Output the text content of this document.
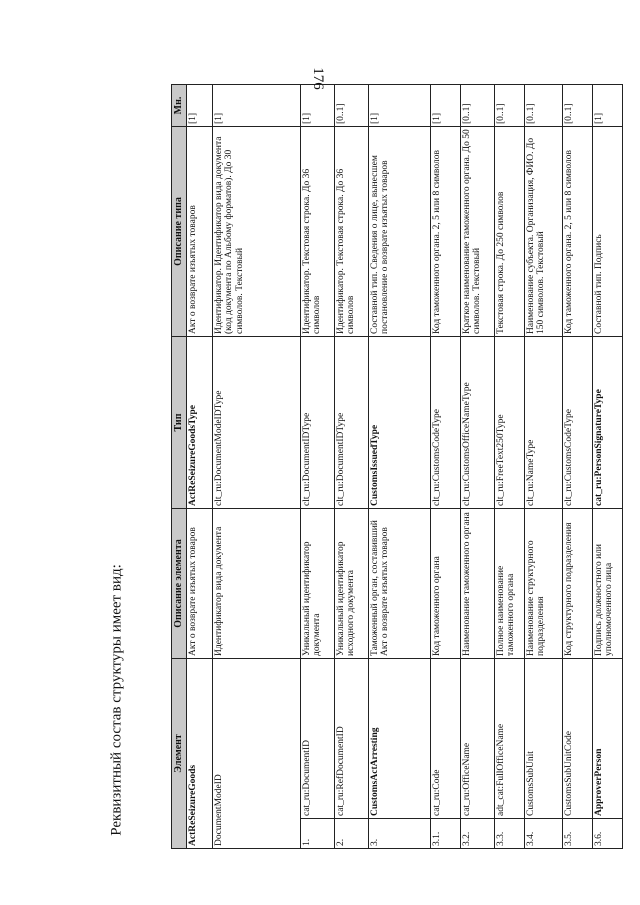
176
Реквизитный состав структуры имеет вид:	Элемент		Описание элемента	Тип	Описание типа	Мн.
ActReSeizureGoods		Акт о возврате изъятых товаров	ActReSeizureGoodsType	Акт о возврате изъятых товаров	[1]
DocumentModeID		Идентификатор вида документа	clt_ru:DocumentModeIDType	Идентификатор. Идентификатор вида документа (код документа по Альбому форматов). До 30 символов. Текстовый	[1]
1.	cat_ru:DocumentID	Уникальный идентификатор документа	clt_ru:DocumentIDType	Идентификатор. Текстовая строка. До 36 символов	[1]
2.	cat_ru:RefDocumentID	Уникальный идентификатор исходного документа	clt_ru:DocumentIDType	Идентификатор. Текстовая строка. До 36 символов	[0..1]
3.	CustomsActArresting	Таможенный орган, составивший Акт о возврате изъятых товаров	CustomsIssuedType	Составной тип. Сведения о лице, вынесшем постановление о возврате изъятых товаров	[1]
3.1.	cat_ru:Code	Код таможенного органа	clt_ru:CustomsCodeType	Код таможенного органа. 2, 5 или 8 символов	[1]
3.2.	cat_ru:OfficeName	Наименование таможенного органа	clt_ru:CustomsOfficeNameType	Краткое наименование таможенного органа. До 50 символов. Текстовый	[0..1]
3.3.	adt_cat:FullOfficeName	Полное наименование таможенного органа	clt_ru:FreeText250Type	Текстовая строка. До 250 символов	[0..1]
3.4.	CustomsSubUnit	Наименование структурного подразделения	clt_ru:NameType	Наименование субъекта. Организация, ФИО. До 150 символов. Текстовый	[0..1]
3.5.	CustomsSubUnitCode	Код структурного подразделения	clt_ru:CustomsCodeType	Код таможенного органа. 2, 5 или 8 символов	[0..1]
3.6.	ApproverPerson	Подпись должностного или уполномоченного лица	cat_ru:PersonSignatureType	Составной тип. Подпись	[1]
